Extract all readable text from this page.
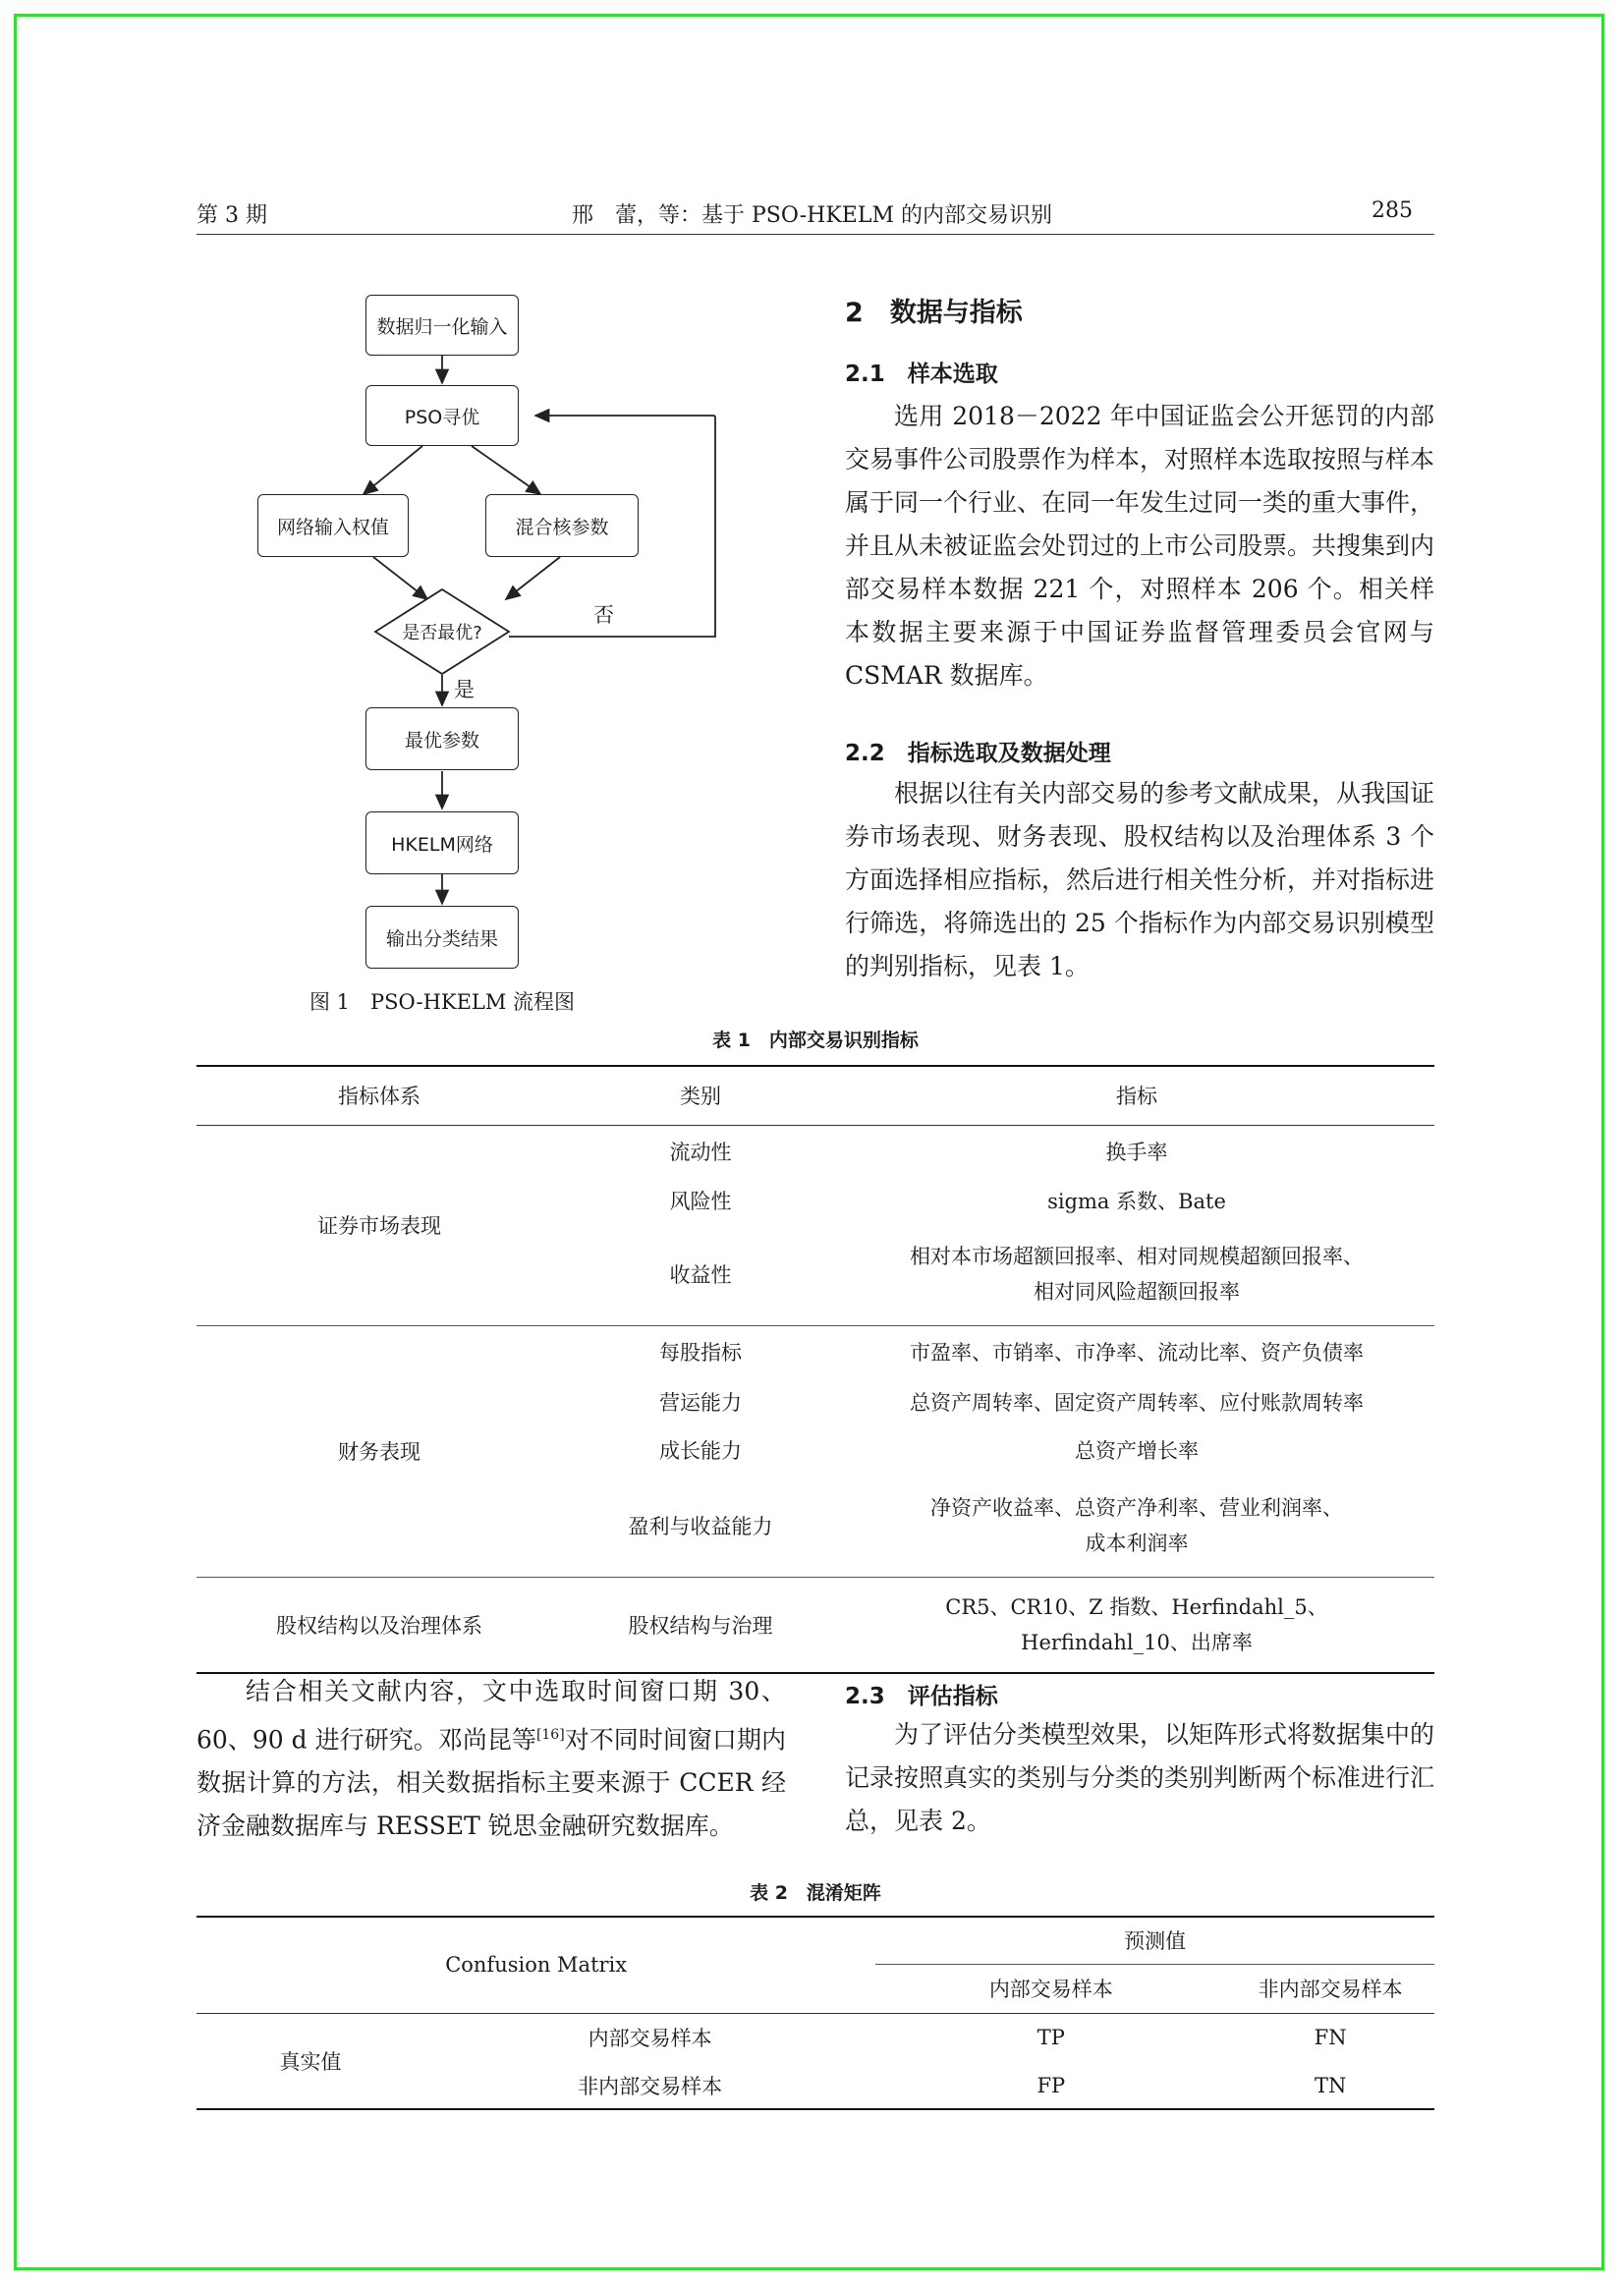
第 3 期	邢　蕾，等：基于 PSO-HKELM 的内部交易识别	285
数据归一化输入
PSO寻优
网络输入权值	混合核参数
是否最优?
否
是
最优参数
HKELM网络
输出分类结果
图 1　PSO-HKELM 流程图
2　数据与指标
2.1　样本选取

选用 2018－2022 年中国证监会公开惩罚的内部交易事件公司股票作为样本，对照样本选取按照与样本属于同一个行业、在同一年发生过同一类的重大事件，并且从未被证监会处罚过的上市公司股票。共搜集到内部交易样本数据 221 个，对照样本 206 个。相关样本数据主要来源于中国证券监督管理委员会官网与 CSMAR 数据库。

2.2　指标选取及数据处理

根据以往有关内部交易的参考文献成果，从我国证券市场表现、财务表现、股权结构以及治理体系 3 个方面选择相应指标，然后进行相关性分析，并对指标进行筛选，将筛选出的 25 个指标作为内部交易识别模型的判别指标，见表 1。

表 1　内部交易识别指标
指标体系	类别	指标
证券市场表现	流动性	换手率
	风险性	sigma 系数、Bate
	收益性	相对本市场超额回报率、相对同规模超额回报率、
相对同风险超额回报率

财务表现	每股指标	市盈率、市销率、市净率、流动比率、资产负债率
	营运能力	总资产周转率、固定资产周转率、应付账款周转率
	成长能力	总资产增长率
	盈利与收益能力	净资产收益率、总资产净利率、营业利润率、
成本利润率

股权结构以及治理体系	股权结构与治理	CR5、CR10、Z 指数、Herfindahl_5、
Herfindahl_10、出席率

结合相关文献内容，文中选取时间窗口期 30、60、90 d 进行研究。邓尚昆等[16]对不同时间窗口期内数据计算的方法，相关数据指标主要来源于 CCER 经济金融数据库与 RESSET 锐思金融研究数据库。

2.3　评估指标

为了评估分类模型效果，以矩阵形式将数据集中的记录按照真实的类别与分类的类别判断两个标准进行汇总，见表 2。

表 2　混淆矩阵
Confusion Matrix		预测值	
		内部交易样本	非内部交易样本
真实值	内部交易样本	TP	FN
	非内部交易样本	FP	TN
